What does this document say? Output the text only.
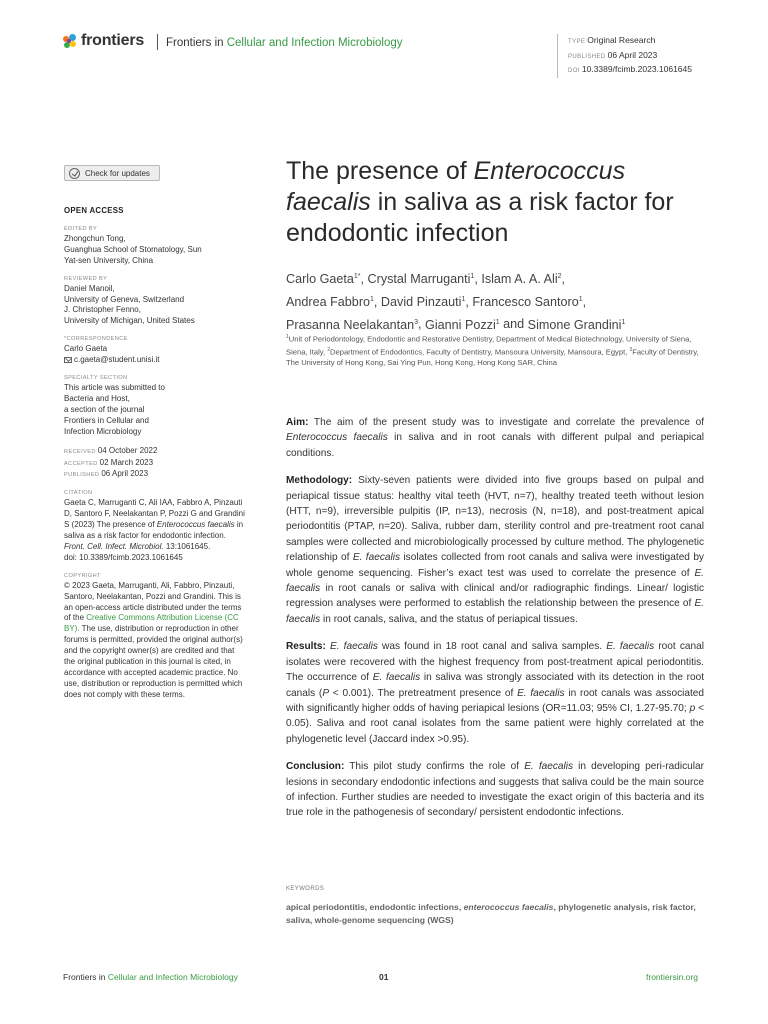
frontiers Frontiers in Cellular and Infection Microbiology	TYPE Original Research
PUBLISHED 06 April 2023
DOI 10.3389/fcimb.2023.1061645
Check for updates
OPEN ACCESS
EDITED BY
Zhongchun Tong,
Guanghua School of Stomatology, Sun
Yat-sen University, China
REVIEWED BY
Daniel Manoil,
University of Geneva, Switzerland
J. Christopher Fenno,
University of Michigan, United States
*CORRESPONDENCE
Carlo Gaeta
c.gaeta@student.unisi.it
SPECIALTY SECTION
This article was submitted to
Bacteria and Host,
a section of the journal
Frontiers in Cellular and
Infection Microbiology
RECEIVED 04 October 2022
ACCEPTED 02 March 2023
PUBLISHED 06 April 2023
CITATION
Gaeta C, Marruganti C, Ali IAA, Fabbro A, Pinzauti D, Santoro F, Neelakantan P, Pozzi G and Grandini S (2023) The presence of Enterococcus faecalis in saliva as a risk factor for endodontic infection. Front. Cell. Infect. Microbiol. 13:1061645.
doi: 10.3389/fcimb.2023.1061645
COPYRIGHT
© 2023 Gaeta, Marruganti, Ali, Fabbro, Pinzauti, Santoro, Neelakantan, Pozzi and Grandini. This is an open-access article distributed under the terms of the Creative Commons Attribution License (CC BY). The use, distribution or reproduction in other forums is permitted, provided the original author(s) and the copyright owner(s) are credited and that the original publication in this journal is cited, in accordance with accepted academic practice. No use, distribution or reproduction is permitted which does not comply with these terms.
The presence of Enterococcus faecalis in saliva as a risk factor for endodontic infection
Carlo Gaeta$^{1*}$, Crystal Marruganti$^1$, Islam A. A. Ali$^2$,
Andrea Fabbro$^1$, David Pinzauti$^1$, Francesco Santoro$^1$,
Prasanna Neelakantan$^3$, Gianni Pozzi$^1$ and Simone Grandini$^1$
$^1$Unit of Periodontology, Endodontic and Restorative Dentistry, Department of Medical Biotechnology, University of Siena, Siena, Italy, $^2$Department of Endodontics, Faculty of Dentistry, Mansoura University, Mansoura, Egypt, $^3$Faculty of Dentistry, The University of Hong Kong, Sai Ying Pun, Hong Kong, Hong Kong SAR, China

Aim: The aim of the present study was to investigate and correlate the prevalence of Enterococcus faecalis in saliva and in root canals with different pulpal and periapical conditions.

Methodology: Sixty-seven patients were divided into five groups based on pulpal and periapical tissue status: healthy vital teeth (HVT, n=7), healthy treated teeth without lesion (HTT, n=9), irreversible pulpitis (IP, n=13), necrosis (N, n=18), and post-treatment apical periodontitis (PTAP, n=20). Saliva, rubber dam, sterility control and pre-treatment root canal samples were collected and microbiologically processed by culture method. The phylogenetic relationship of E. faecalis isolates collected from root canals and saliva were investigated by whole genome sequencing. Fisher’s exact test was used to correlate the presence of E. faecalis in root canals or saliva with clinical and/or radiographic findings. Linear/ logistic regression analyses were performed to establish the relationship between the presence of E. faecalis in root canals, saliva, and the status of periapical tissues.

Results: E. faecalis was found in 18 root canal and saliva samples. E. faecalis root canal isolates were recovered with the highest frequency from post-treatment apical periodontitis. The occurrence of E. faecalis in saliva was strongly associated with its detection in the root canals (P < 0.001). The pretreatment presence of E. faecalis in root canals was associated with significantly higher odds of having periapical lesions (OR=11.03; 95% CI, 1.27-95.70; p < 0.05). Saliva and root canal isolates from the same patient were highly correlated at the phylogenetic level (Jaccard index >0.95).

Conclusion: This pilot study confirms the role of E. faecalis in developing peri-radicular lesions in secondary endodontic infections and suggests that saliva could be the main source of infection. Further studies are needed to investigate the exact origin of this bacteria and its true role in the pathogenesis of secondary/ persistent endodontic infections.

KEYWORDS
apical periodontitis, endodontic infections, enterococcus faecalis, phylogenetic analysis, risk factor, saliva, whole-genome sequencing (WGS)
Frontiers in Cellular and Infection Microbiology	01	frontiersin.org
